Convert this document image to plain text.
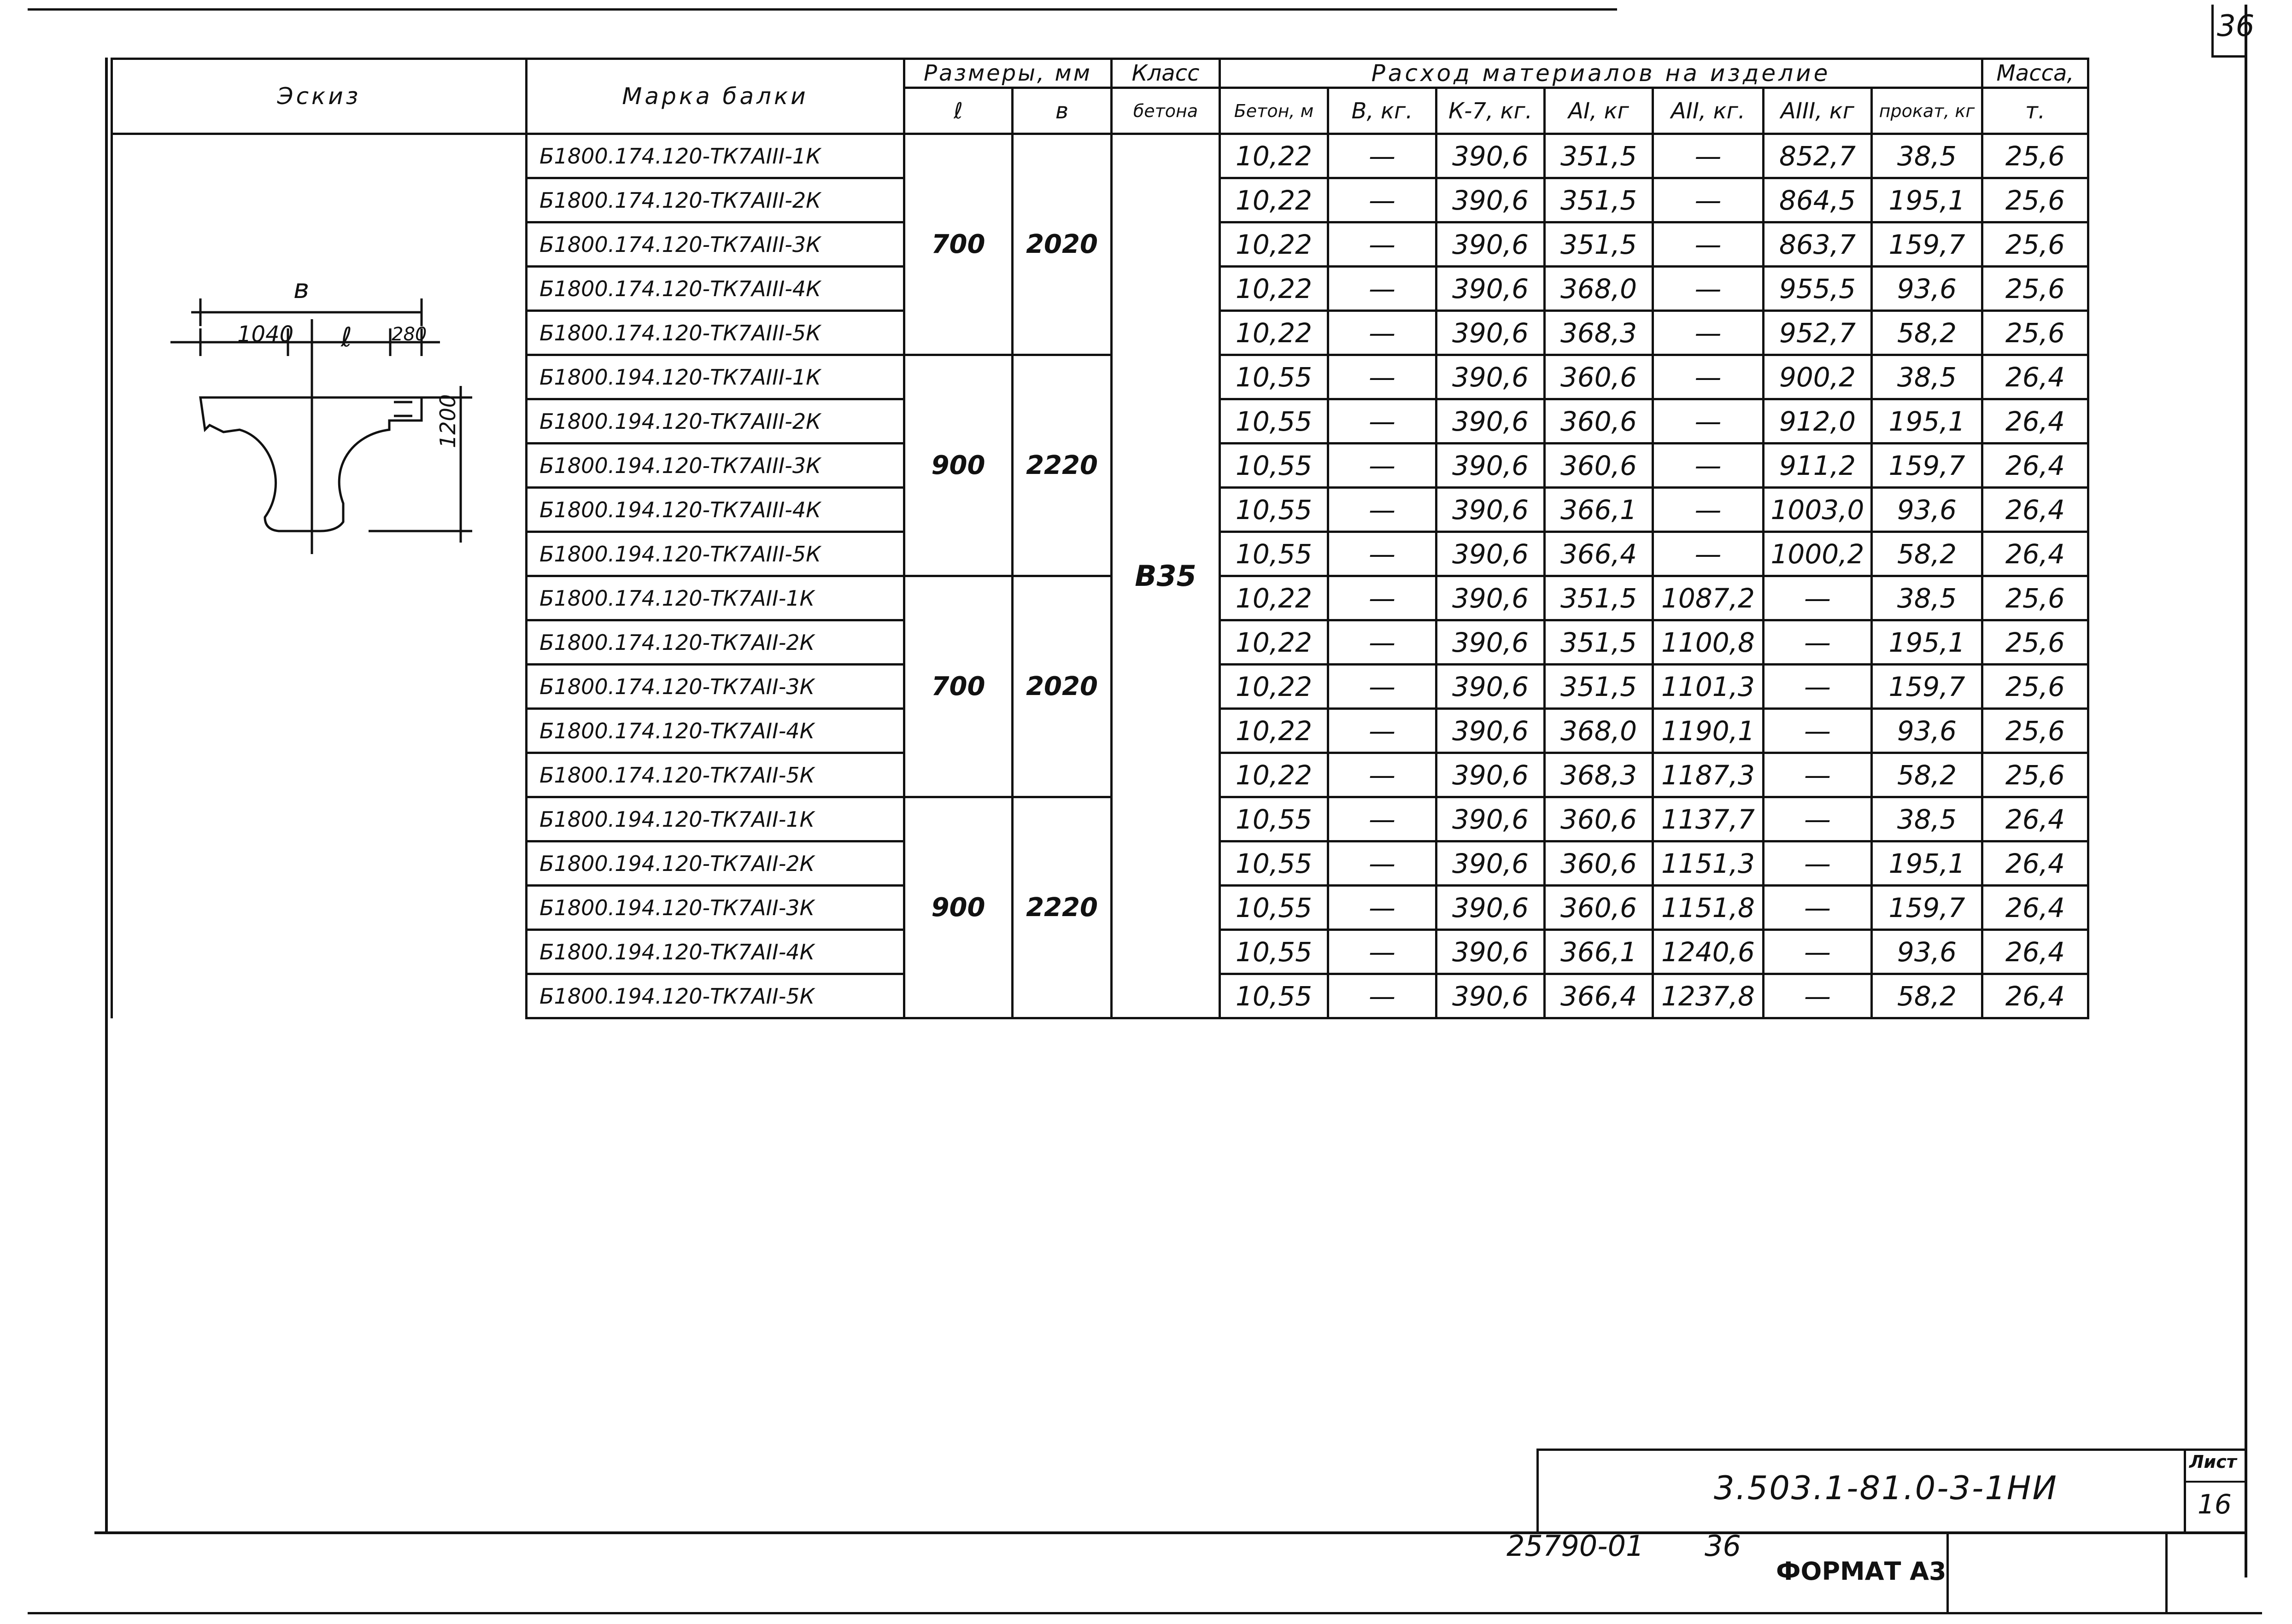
36
Эскиз	Марка балки	Размеры, мм		Класс	Расход материалов на изделие							Масса,
		ℓ	в	бетона	Бетон, м	В, кг.	К-7, кг.	АI, кг	АII, кг.	АIII, кг	прокат, кг	т.

в
1040 ℓ 280
1200	Б1800.174.120-ТК7АIII-1К	700	2020	В35	10,22	—	390,6	351,5	—	852,7	38,5	25,6
	Б1800.174.120-ТК7АIII-2К				10,22	—	390,6	351,5	—	864,5	195,1	25,6
	Б1800.174.120-ТК7АIII-3К				10,22	—	390,6	351,5	—	863,7	159,7	25,6
	Б1800.174.120-ТК7АIII-4К				10,22	—	390,6	368,0	—	955,5	93,6	25,6
	Б1800.174.120-ТК7АIII-5К				10,22	—	390,6	368,3	—	952,7	58,2	25,6
	Б1800.194.120-ТК7АIII-1К	900	2220		10,55	—	390,6	360,6	—	900,2	38,5	26,4
	Б1800.194.120-ТК7АIII-2К				10,55	—	390,6	360,6	—	912,0	195,1	26,4
	Б1800.194.120-ТК7АIII-3К				10,55	—	390,6	360,6	—	911,2	159,7	26,4
	Б1800.194.120-ТК7АIII-4К				10,55	—	390,6	366,1	—	1003,0	93,6	26,4
	Б1800.194.120-ТК7АIII-5К				10,55	—	390,6	366,4	—	1000,2	58,2	26,4
	Б1800.174.120-ТК7АII-1К	700	2020		10,22	—	390,6	351,5	1087,2	—	38,5	25,6
	Б1800.174.120-ТК7АII-2К				10,22	—	390,6	351,5	1100,8	—	195,1	25,6
	Б1800.174.120-ТК7АII-3К				10,22	—	390,6	351,5	1101,3	—	159,7	25,6
	Б1800.174.120-ТК7АII-4К				10,22	—	390,6	368,0	1190,1	—	93,6	25,6
	Б1800.174.120-ТК7АII-5К				10,22	—	390,6	368,3	1187,3	—	58,2	25,6
	Б1800.194.120-ТК7АII-1К	900	2220		10,55	—	390,6	360,6	1137,7	—	38,5	26,4
	Б1800.194.120-ТК7АII-2К				10,55	—	390,6	360,6	1151,3	—	195,1	26,4
	Б1800.194.120-ТК7АII-3К				10,55	—	390,6	360,6	1151,8	—	159,7	26,4
	Б1800.194.120-ТК7АII-4К				10,55	—	390,6	366,1	1240,6	—	93,6	26,4
	Б1800.194.120-ТК7АII-5К				10,55	—	390,6	366,4	1237,8	—	58,2	26,4
3.503.1-81.0-3-1НИ
Лист
16
25790-01 36
ФОРМАТ А3
